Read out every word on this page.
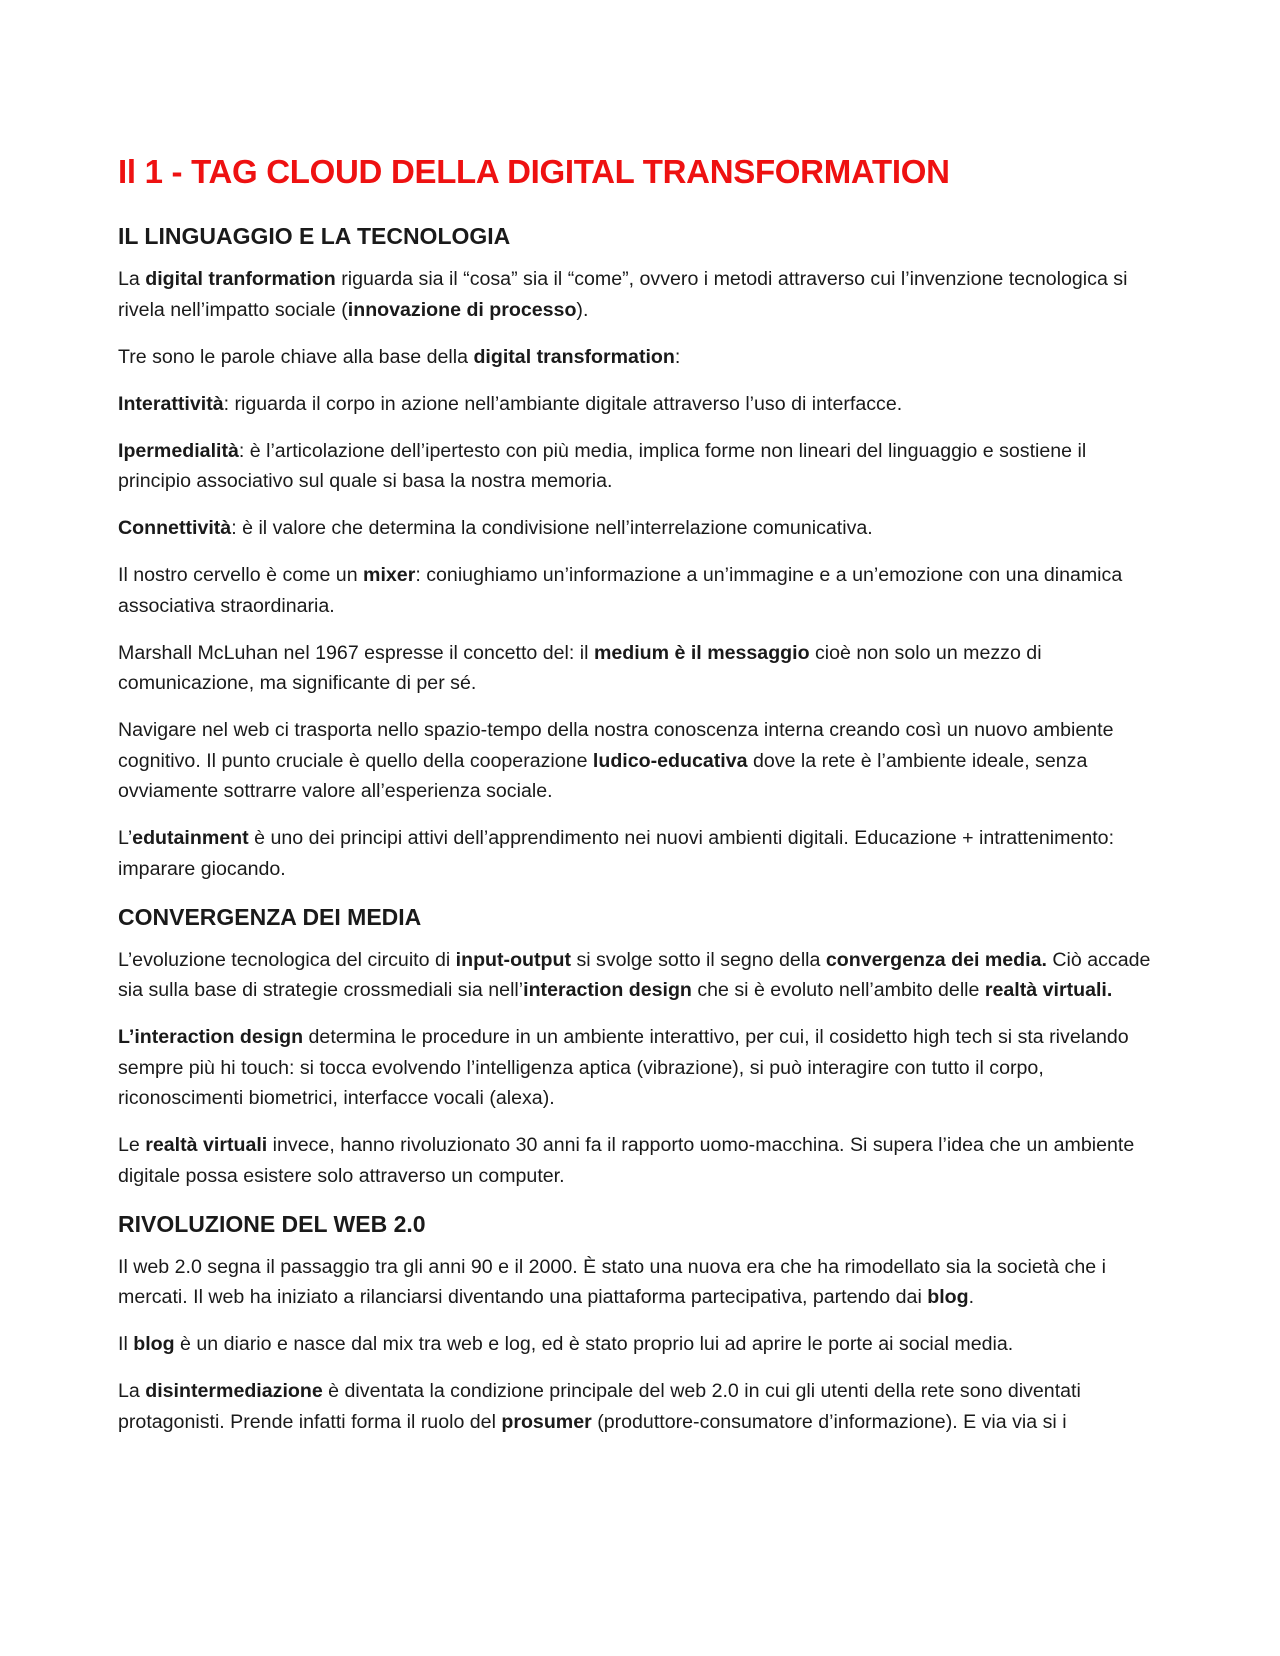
Il 1 - TAG CLOUD DELLA DIGITAL TRANSFORMATION
IL LINGUAGGIO E LA TECNOLOGIA

La digital tranformation riguarda sia il “cosa” sia il “come”, ovvero i metodi attraverso cui l’invenzione tecnologica si rivela nell’impatto sociale (innovazione di processo).

Tre sono le parole chiave alla base della digital transformation:

Interattività: riguarda il corpo in azione nell’ambiante digitale attraverso l’uso di interfacce.

Ipermedialità: è l’articolazione dell’ipertesto con più media, implica forme non lineari del linguaggio e sostiene il principio associativo sul quale si basa la nostra memoria.

Connettività: è il valore che determina la condivisione nell’interrelazione comunicativa.

Il nostro cervello è come un mixer: coniughiamo un’informazione a un’immagine e a un’emozione con una dinamica associativa straordinaria.

Marshall McLuhan nel 1967 espresse il concetto del: il medium è il messaggio cioè non solo un mezzo di comunicazione, ma significante di per sé.

Navigare nel web ci trasporta nello spazio-tempo della nostra conoscenza interna creando così un nuovo ambiente cognitivo. Il punto cruciale è quello della cooperazione ludico-educativa dove la rete è l’ambiente ideale, senza ovviamente sottrarre valore all’esperienza sociale.

L’edutainment è uno dei principi attivi dell’apprendimento nei nuovi ambienti digitali. Educazione + intrattenimento: imparare giocando.

CONVERGENZA DEI MEDIA

L’evoluzione tecnologica del circuito di input-output si svolge sotto il segno della convergenza dei media. Ciò accade sia sulla base di strategie crossmediali sia nell’interaction design che si è evoluto nell’ambito delle realtà virtuali.

L’interaction design determina le procedure in un ambiente interattivo, per cui, il cosidetto high tech si sta rivelando sempre più hi touch: si tocca evolvendo l’intelligenza aptica (vibrazione), si può interagire con tutto il corpo, riconoscimenti biometrici, interfacce vocali (alexa).

Le realtà virtuali invece, hanno rivoluzionato 30 anni fa il rapporto uomo-macchina. Si supera l’idea che un ambiente digitale possa esistere solo attraverso un computer.

RIVOLUZIONE DEL WEB 2.0

Il web 2.0 segna il passaggio tra gli anni 90 e il 2000. È stato una nuova era che ha rimodellato sia la società che i mercati. Il web ha iniziato a rilanciarsi diventando una piattaforma partecipativa, partendo dai blog.

Il blog è un diario e nasce dal mix tra web e log, ed è stato proprio lui ad aprire le porte ai social media.

La disintermediazione è diventata la condizione principale del web 2.0 in cui gli utenti della rete sono diventati protagonisti. Prende infatti forma il ruolo del prosumer (produttore-consumatore d’informazione). E via via si i
